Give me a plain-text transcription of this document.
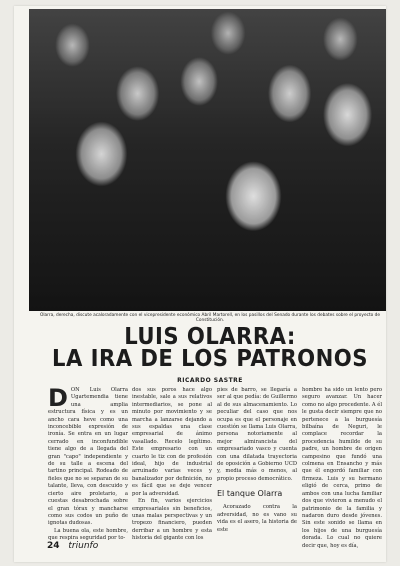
Olarra, derecha, discute acaloradamente con el vicepresidente económico Abril Martorell, en los pasillos del Senado durante los debates sobre el proyecto de Constitución.
LUIS OLARRA:
LA IRA DE LOS PATRONOS
RICARDO SASTRE
D ON Luis Olarra Ugartemendia tiene una amplia estructura física y es un ancho cara heve como una inconcebible expresión de ironía. Se entra en un lugar cerrado en inconfundible tiene algo de a llegada del gran "capo" independiente y de su talle a escena del tartino principal. Rodeado de fieles que no se separan de su talante, lleva, con descuido y cierto aire proletario, a cuestas desabrochada sobre el gran tórax y mancharse como sus codos un puño de ignotas dudosas.

La buena ola, este hombre, que respira seguridad por to-

dos sus poros hace algo inestable, sale a sus relativos intermediarios, se pone al minuto por movimiento y se marcha a lanzarse dejando a sus espaldas una clase empresarial de ánimo vasallado. Recelo legítimo. Este empresario con un cuarto le tiz con de profesión ideal, hijo de industrial arruinado varias veces y banalizador por definición, no es fácil que se deje vencer por la adversidad.

En fin, varios ejercicios empresariales sin beneficios, unas malas perspectivas y un tropezo financiero, pueden derribar a un hombre y esta historia del gigante con los

pies de barro, se llegaría a ser al que pedía: de Guillermo al de sus almacenamiento. Lo peculiar del caso que nos ocupa es que el personaje en cuestión se llama Luis Olarra, persona notoriamente al mejor almirancista del empresariado vasco y cuenta con una dilatada trayectoria de oposición a Gobierno UCD y, media más o menos, al propio proceso democrático.

El tanque Olarra

Acorazado contra la adversidad, no es vano su vida es el asero, la historia de este

hombre ha sido un lento pero seguro avanzar. Un hacer como no algo procedente. A él le gusta decir siempre que no pertenece a la burguesía bilbaína de Neguri, le complace recordar la procedencia humilde de su padre, un hombre de origen campesino que fundó una colmena en Ensancho y más que él engordó familiar con firmeza. Luis y su hermano eligió de cerca, primo de ambos con una lucha familiar dos que vivieron a menudo el patrimonio de la familia y nadaron duro desde jóvenes. Sin este sonido se llama en los hijos de una burguesía dorada. Lo cual no quiere decir que, hoy es día,

24 triunfo
